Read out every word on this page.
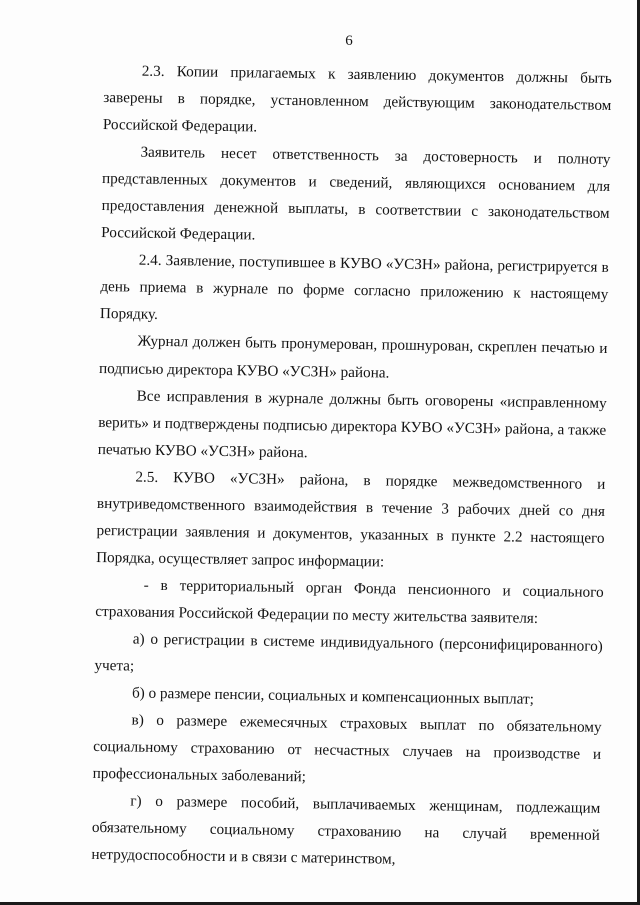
6

2.3. Копии прилагаемых к заявлению документов должны быть заверены в порядке, установленном действующим законодательством Российской Федерации.

Заявитель несет ответственность за достоверность и полноту представленных документов и сведений, являющихся основанием для предоставления денежной выплаты, в соответствии с законодательством Российской Федерации.

2.4. Заявление, поступившее в КУВО «УСЗН» района, регистрируется в день приема в журнале по форме согласно приложению к настоящему Порядку.

Журнал должен быть пронумерован, прошнурован, скреплен печатью и подписью директора КУВО «УСЗН» района.

Все исправления в журнале должны быть оговорены «исправленному верить» и подтверждены подписью директора КУВО «УСЗН» района, а также печатью КУВО «УСЗН» района.

2.5. КУВО «УСЗН» района, в порядке межведомственного и внутриведомственного взаимодействия в течение 3 рабочих дней со дня регистрации заявления и документов, указанных в пункте 2.2 настоящего Порядка, осуществляет запрос информации:

- в территориальный орган Фонда пенсионного и социального страхования Российской Федерации по месту жительства заявителя:

а) о регистрации в системе индивидуального (персонифицированного) учета;

б) о размере пенсии, социальных и компенсационных выплат;

в) о размере ежемесячных страховых выплат по обязательному социальному страхованию от несчастных случаев на производстве и профессиональных заболеваний;

г) о размере пособий, выплачиваемых женщинам, подлежащим обязательному социальному страхованию на случай временной нетрудоспособности и в связи с материнством,
